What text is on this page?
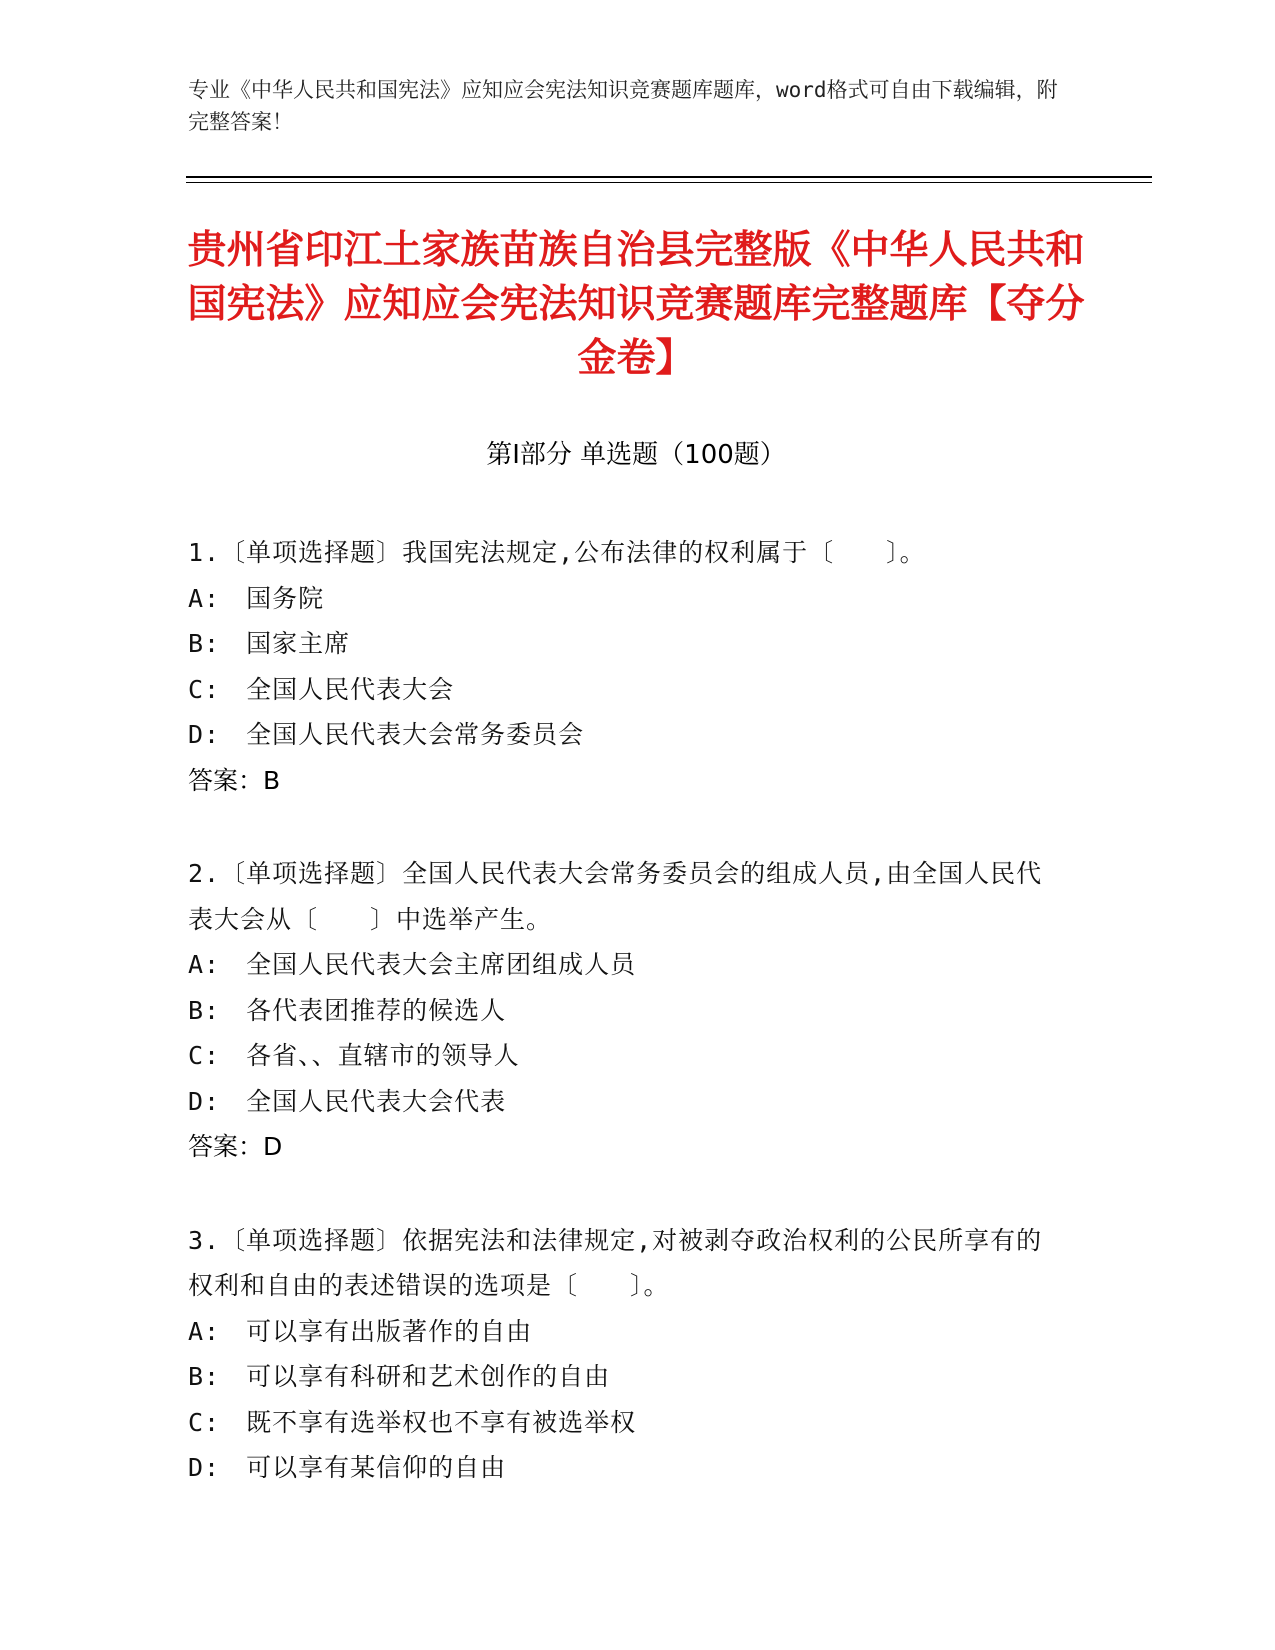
专业《中华人民共和国宪法》应知应会宪法知识竞赛题库题库，word格式可自由下载编辑，附完整答案！
贵州省印江土家族苗族自治县完整版《中华人民共和国宪法》应知应会宪法知识竞赛题库完整题库【夺分金卷】
第Ⅰ部分 单选题（100题）
1.〔单项选择题〕我国宪法规定,公布法律的权利属于〔　　〕。
A:　国务院
B:　国家主席
C:　全国人民代表大会
D:　全国人民代表大会常务委员会
答案：B
2.〔单项选择题〕全国人民代表大会常务委员会的组成人员,由全国人民代表大会从〔　　〕中选举产生。
A:　全国人民代表大会主席团组成人员
B:　各代表团推荐的候选人
C:　各省、、直辖市的领导人
D:　全国人民代表大会代表
答案：D
3.〔单项选择题〕依据宪法和法律规定,对被剥夺政治权利的公民所享有的权利和自由的表述错误的选项是〔　　〕。
A:　可以享有出版著作的自由
B:　可以享有科研和艺术创作的自由
C:　既不享有选举权也不享有被选举权
D:　可以享有某信仰的自由
